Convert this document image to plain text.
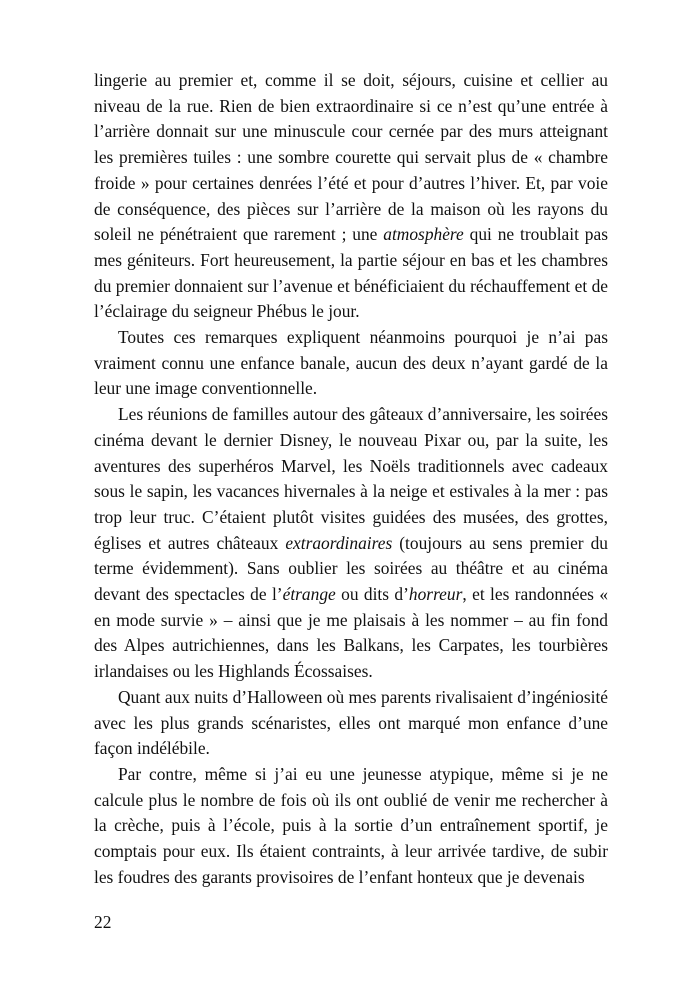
lingerie au premier et, comme il se doit, séjours, cuisine et cellier au niveau de la rue. Rien de bien extraordinaire si ce n’est qu’une entrée à l’arrière donnait sur une minuscule cour cernée par des murs atteignant les premières tuiles : une sombre courette qui servait plus de « chambre froide » pour certaines denrées l’été et pour d’autres l’hiver. Et, par voie de conséquence, des pièces sur l’arrière de la maison où les rayons du soleil ne pénétraient que rarement ; une atmosphère qui ne troublait pas mes géniteurs. Fort heureusement, la partie séjour en bas et les chambres du premier donnaient sur l’avenue et bénéficiaient du réchauffement et de l’éclairage du seigneur Phébus le jour.

Toutes ces remarques expliquent néanmoins pourquoi je n’ai pas vraiment connu une enfance banale, aucun des deux n’ayant gardé de la leur une image conventionnelle.

Les réunions de familles autour des gâteaux d’anniversaire, les soirées cinéma devant le dernier Disney, le nouveau Pixar ou, par la suite, les aventures des superhéros Marvel, les Noëls traditionnels avec cadeaux sous le sapin, les vacances hivernales à la neige et estivales à la mer : pas trop leur truc. C’étaient plutôt visites guidées des musées, des grottes, églises et autres châteaux extraordinaires (toujours au sens premier du terme évidemment). Sans oublier les soirées au théâtre et au cinéma devant des spectacles de l’étrange ou dits d’horreur, et les randonnées « en mode survie » – ainsi que je me plaisais à les nommer – au fin fond des Alpes autrichiennes, dans les Balkans, les Carpates, les tourbières irlandaises ou les Highlands Écossaises.

Quant aux nuits d’Halloween où mes parents rivalisaient d’ingéniosité avec les plus grands scénaristes, elles ont marqué mon enfance d’une façon indélébile.

Par contre, même si j’ai eu une jeunesse atypique, même si je ne calcule plus le nombre de fois où ils ont oublié de venir me rechercher à la crèche, puis à l’école, puis à la sortie d’un entraînement sportif, je comptais pour eux. Ils étaient contraints, à leur arrivée tardive, de subir les foudres des garants provisoires de l’enfant honteux que je devenais

22
